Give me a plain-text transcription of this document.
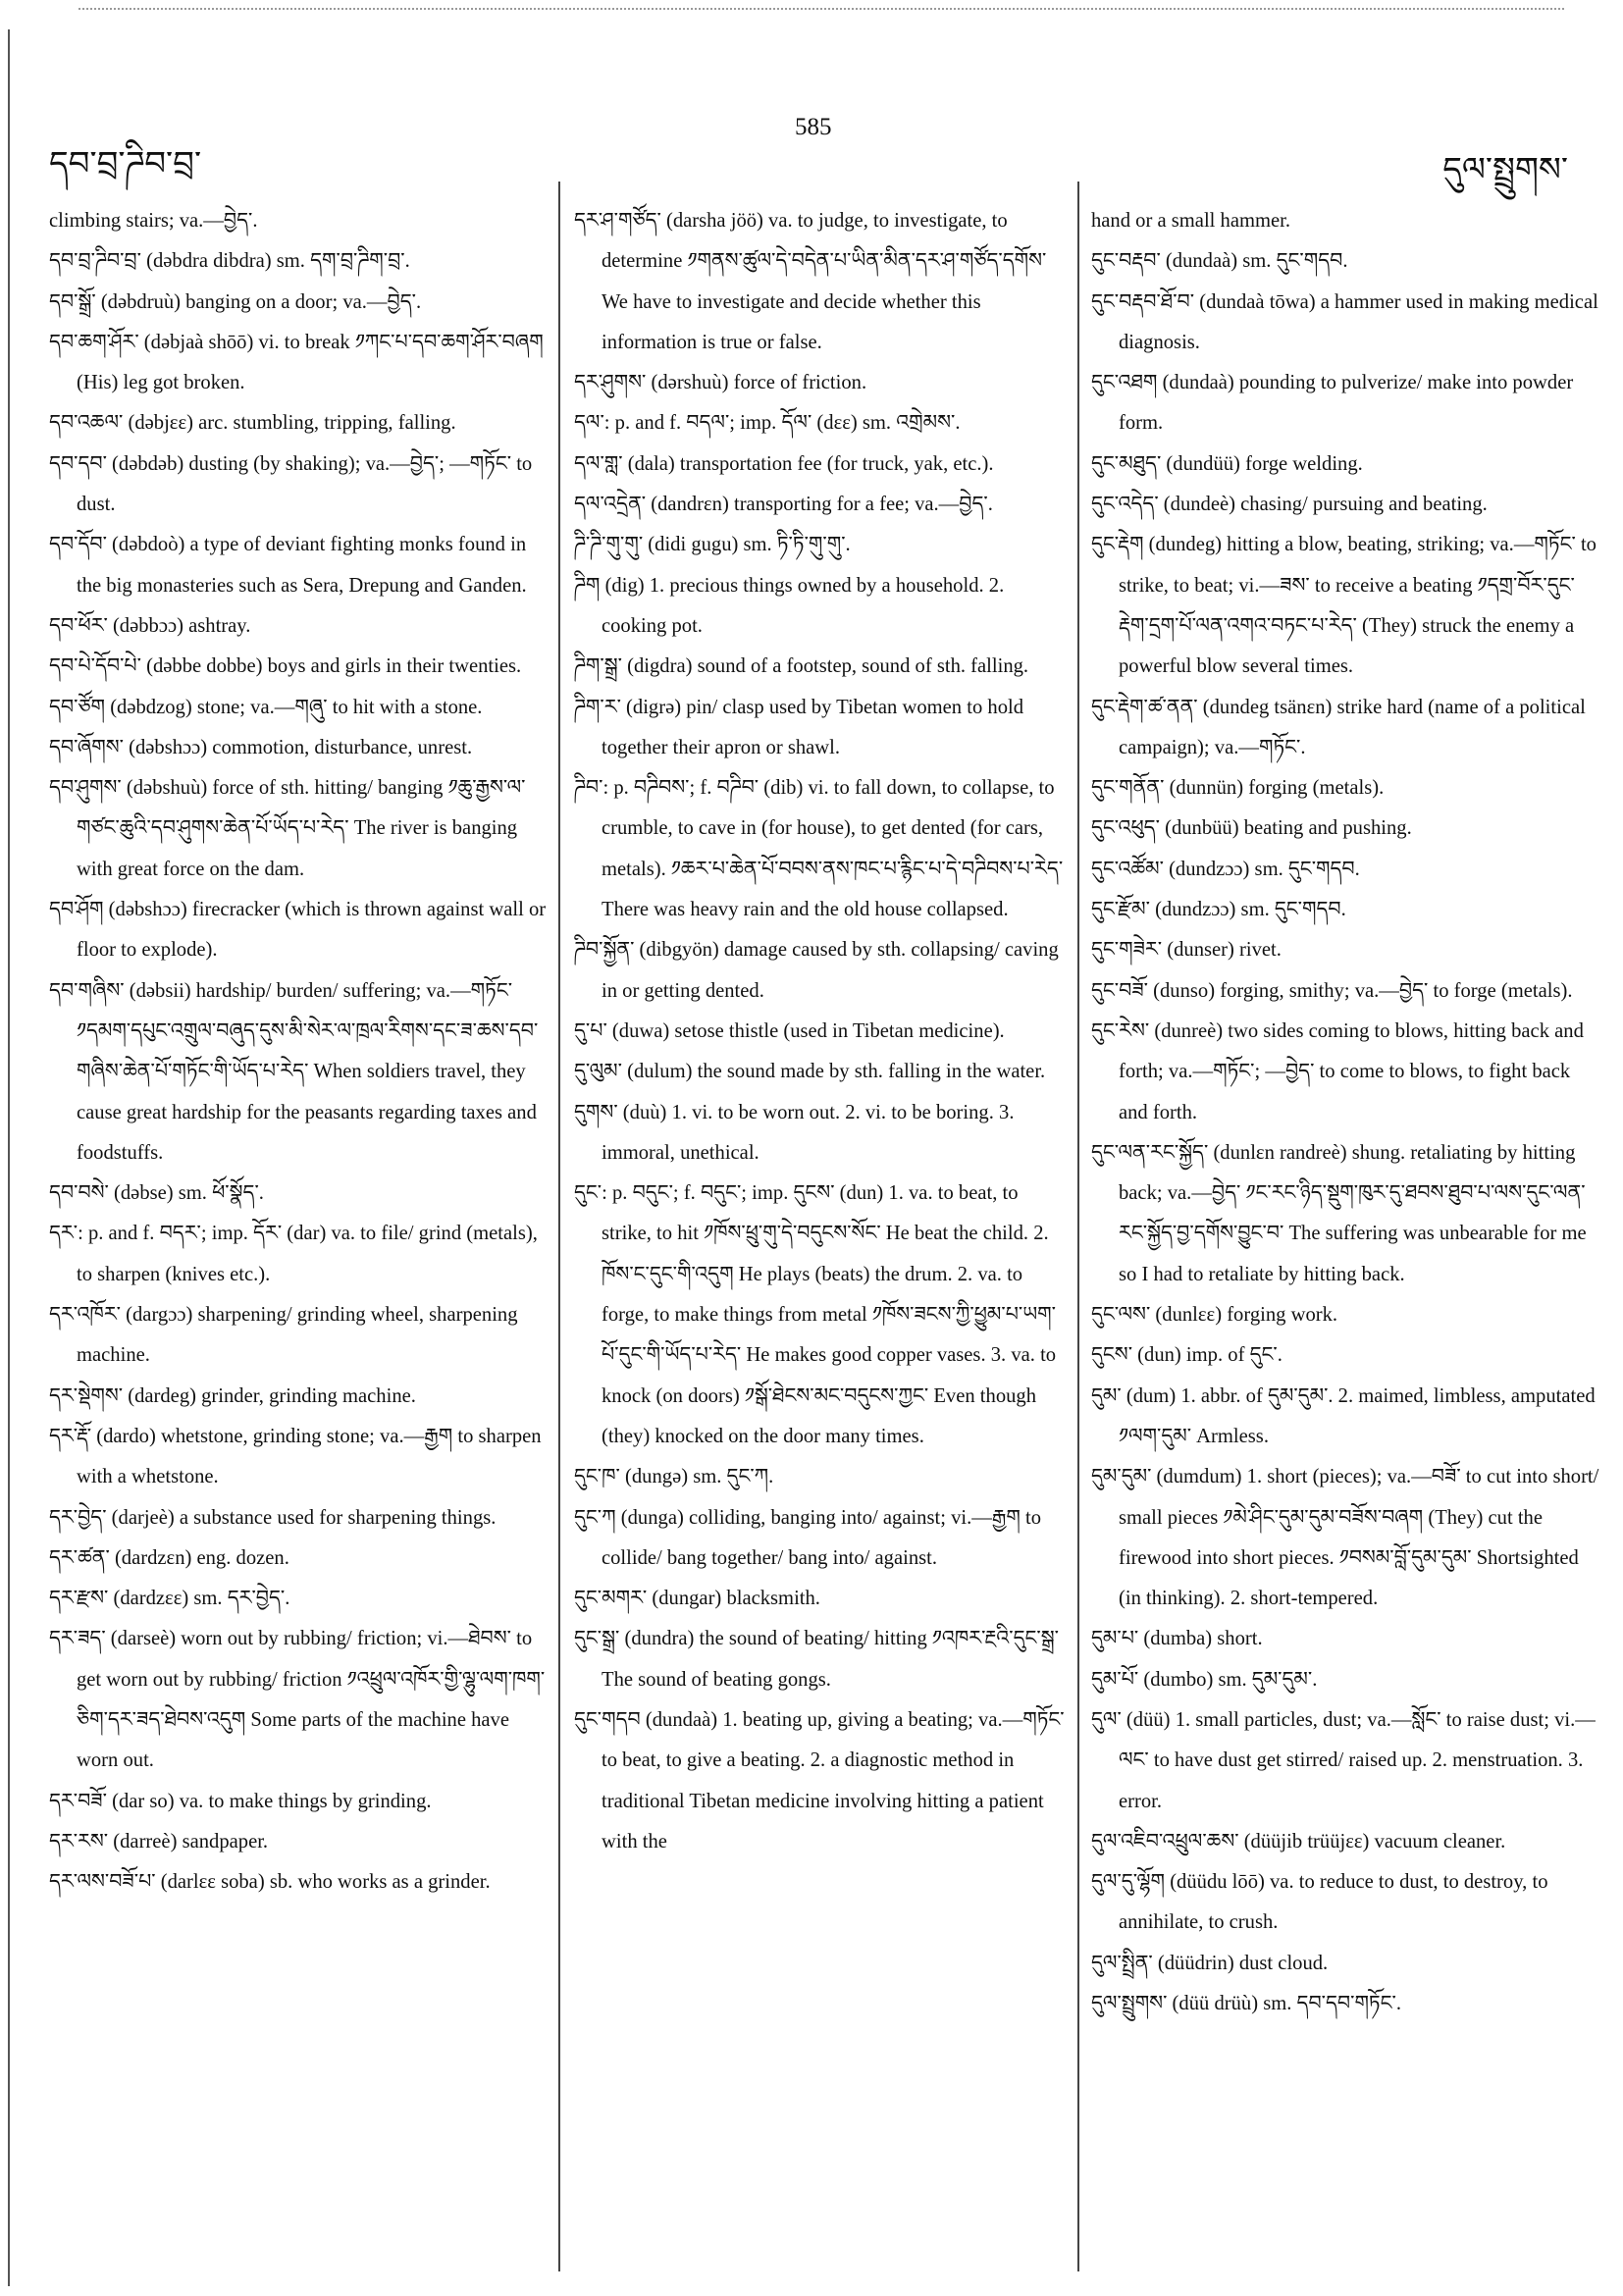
དབ་བྲ་ཌིབ་བྲ་
585
དུལ་སྤྲུགས་

climbing stairs; va.—བྱེད་.

དབ་བྲ་ཌིབ་བྲ་ (dəbdra dibdra) sm. དག་བྲ་ཌིག་བྲ་.

དབ་སྒྲོ་ (dəbdruù) banging on a door; va.—བྱེད་.

དབ་ཆག་ཤོར་ (dəbjaà shōō) vi. to break ༡ཀང་པ་དབ་ཆག་ཤོར་བཞག (His) leg got broken.

དབ་འཆལ་ (dəbjεε) arc. stumbling, tripping, falling.

དབ་དབ་ (dəbdəb) dusting (by shaking); va.—བྱེད་; —གཏོང་ to dust.

དབ་དོབ་ (dəbdoò) a type of deviant fighting monks found in the big monasteries such as Sera, Drepung and Ganden.

དབ་ཕོར་ (dəbbɔɔ) ashtray.

དབ་པེ་དོབ་པེ་ (dəbbe dobbe) boys and girls in their twenties.

དབ་ཙོག (dəbdzog) stone; va.—གཞུ་ to hit with a stone.

དབ་ཞོགས་ (dəbshɔɔ) commotion, disturbance, unrest.

དབ་ཤུགས་ (dəbshuù) force of sth. hitting/ banging ༡ཆུ་རྒྱས་ལ་གཙང་ཆུའི་དབ་ཤུགས་ཆེན་པོ་ཡོད་པ་རེད་ The river is banging with great force on the dam.

དབ་ཤོག (dəbshɔɔ) firecracker (which is thrown against wall or floor to explode).

དབ་གཞིས་ (dəbsii) hardship/ burden/ suffering; va.—གཏོང་ ༡དམག་དཔུང་འགྲུལ་བཞུད་དུས་མི་སེར་ལ་ཁྲལ་རིགས་དང་ཟ་ཆས་དབ་གཞིས་ཆེན་པོ་གཏོང་གི་ཡོད་པ་རེད་ When soldiers travel, they cause great hardship for the peasants regarding taxes and foodstuffs.

དབ་བསེ་ (dəbse) sm. ཕོ་སྣོད་.

དར་: p. and f. བདར་; imp. དོར་ (dar) va. to file/ grind (metals), to sharpen (knives etc.).

དར་འཁོར་ (dargɔɔ) sharpening/ grinding wheel, sharpening machine.

དར་སྡེགས་ (dardeg) grinder, grinding machine.

དར་རྡོ་ (dardo) whetstone, grinding stone; va.—རྒྱག to sharpen with a whetstone.

དར་བྱེད་ (darjeè) a substance used for sharpening things.

དར་ཚན་ (dardzεn) eng. dozen.

དར་རྫས་ (dardzεε) sm. དར་བྱེད་.

དར་ཟད་ (darseè) worn out by rubbing/ friction; vi.—ཐེབས་ to get worn out by rubbing/ friction ༡འཕྲུལ་འཁོར་གྱི་ལྷུ་ལག་ཁག་ཅིག་དར་ཟད་ཐེབས་འདུག Some parts of the machine have worn out.

དར་བཟོ་ (dar so) va. to make things by grinding.

དར་རས་ (darreè) sandpaper.

དར་ལས་བཟོ་པ་ (darlεε soba) sb. who works as a grinder.

དར་ཤ་གཙོད་ (darsha jöö) va. to judge, to investigate, to determine ༡གནས་ཚུལ་དེ་བདེན་པ་ཡིན་མིན་དར་ཤ་གཙོད་དགོས་ We have to investigate and decide whether this information is true or false.

དར་ཤུགས་ (dərshuù) force of friction.

དལ་: p. and f. བདལ་; imp. དོལ་ (dεε) sm. འགྲེམས་.

དལ་གླ་ (dala) transportation fee (for truck, yak, etc.).

དལ་འདྲེན་ (dandrεn) transporting for a fee; va.—བྱེད་.

ཌི་ཌི་གུ་གུ་ (didi gugu) sm. ཏི་ཏི་གུ་གུ་.

ཌིག (dig) 1. precious things owned by a household. 2. cooking pot.

ཌིག་སྒྲ་ (digdra) sound of a footstep, sound of sth. falling.

ཌིག་ར་ (digrə) pin/ clasp used by Tibetan women to hold together their apron or shawl.

ཌིབ་: p. བཌིབས་; f. བཌིབ་ (dib) vi. to fall down, to collapse, to crumble, to cave in (for house), to get dented (for cars, metals). ༡ཆར་པ་ཆེན་པོ་བབས་ནས་ཁང་པ་རྙིང་པ་དེ་བཌིབས་པ་རེད་ There was heavy rain and the old house collapsed.

ཌིབ་སྐྱོན་ (dibgyön) damage caused by sth. collapsing/ caving in or getting dented.

དུ་པ་ (duwa) setose thistle (used in Tibetan medicine).

དུ་ལུམ་ (dulum) the sound made by sth. falling in the water.

དུགས་ (duù) 1. vi. to be worn out. 2. vi. to be boring. 3. immoral, unethical.

དུང་: p. བདུང་; f. བདུང་; imp. དུངས་ (dun) 1. va. to beat, to strike, to hit ༡ཁོས་ཕྲུ་གུ་དེ་བདུངས་སོང་ He beat the child. 2. ཁོས་ང་དུང་གི་འདུག He plays (beats) the drum. 2. va. to forge, to make things from metal ༡ཁོས་ཟངས་ཀྱི་ཕྱུམ་པ་ཡག་པོ་དུང་གི་ཡོད་པ་རེད་ He makes good copper vases. 3. va. to knock (on doors) ༡སྒོ་ཐེངས་མང་བདུངས་ཀྱང་ Even though (they) knocked on the door many times.

དུང་ཁ་ (dungə) sm. དུང་ཀ.

དུང་ཀ (dunga) colliding, banging into/ against; vi.—རྒྱག to collide/ bang together/ bang into/ against.

དུང་མགར་ (dungar) blacksmith.

དུང་སྒྲ་ (dundra) the sound of beating/ hitting ༡འཁར་རྔའི་དུང་སྒྲ་ The sound of beating gongs.

དུང་གདབ (dundaà) 1. beating up, giving a beating; va.—གཏོང་ to beat, to give a beating. 2. a diagnostic method in traditional Tibetan medicine involving hitting a patient with the

hand or a small hammer.

དུང་བརྡབ་ (dundaà) sm. དུང་གདབ.

དུང་བརྡབ་ཐོ་བ་ (dundaà tōwa) a hammer used in making medical diagnosis.

དུང་འཐག (dundaà) pounding to pulverize/ make into powder form.

དུང་མཐུད་ (dundüü) forge welding.

དུང་འདེད་ (dundeè) chasing/ pursuing and beating.

དུང་རྡེག (dundeg) hitting a blow, beating, striking; va.—གཏོང་ to strike, to beat; vi.—ཟས་ to receive a beating ༡དགྲ་བོར་དུང་རྡེག་དྲག་པོ་ལན་འགའ་བཏང་པ་རེད་ (They) struck the enemy a powerful blow several times.

དུང་རྡེག་ཚ་ནན་ (dundeg tsänεn) strike hard (name of a political campaign); va.—གཏོང་.

དུང་གནོན་ (dunnün) forging (metals).

དུང་འཕུད་ (dunbüü) beating and pushing.

དུང་འཚོམ་ (dundzɔɔ) sm. དུང་གདབ.

དུང་རྫོམ་ (dundzɔɔ) sm. དུང་གདབ.

དུང་གཟེར་ (dunser) rivet.

དུང་བཟོ་ (dunso) forging, smithy; va.—བྱེད་ to forge (metals).

དུང་རེས་ (dunreè) two sides coming to blows, hitting back and forth; va.—གཏོང་; —བྱེད་ to come to blows, to fight back and forth.

དུང་ལན་རང་སྐྱོད་ (dunlεn randreè) shung. retaliating by hitting back; va.—བྱེད་ ༡ང་རང་ཉིད་སྡུག་ཁུར་དུ་ཐབས་ཐུབ་པ་ལས་དུང་ལན་རང་སྐྱོད་བྱ་དགོས་བྱུང་བ་ The suffering was unbearable for me so I had to retaliate by hitting back.

དུང་ལས་ (dunlεε) forging work.

དུངས་ (dun) imp. of དུང་.

དུམ་ (dum) 1. abbr. of དུམ་དུམ་. 2. maimed, limbless, amputated ༡ལག་དུམ་ Armless.

དུམ་དུམ་ (dumdum) 1. short (pieces); va.—བཟོ་ to cut into short/ small pieces ༡མེ་ཤིང་དུམ་དུམ་བཟོས་བཞག (They) cut the firewood into short pieces. ༡བསམ་བློ་དུམ་དུམ་ Shortsighted (in thinking). 2. short-tempered.

དུམ་པ་ (dumba) short.

དུམ་པོ་ (dumbo) sm. དུམ་དུམ་.

དུལ་ (düü) 1. small particles, dust; va.—སློང་ to raise dust; vi.—ལང་ to have dust get stirred/ raised up. 2. menstruation. 3. error.

དུལ་འཇིབ་འཕྲུལ་ཆས་ (düüjib trüüjεε) vacuum cleaner.

དུལ་དུ་ལྷོག (düüdu lōō) va. to reduce to dust, to destroy, to annihilate, to crush.

དུལ་སྤྲིན་ (düüdrin) dust cloud.

དུལ་སྤྲུགས་ (düü drüù) sm. དབ་དབ་གཏོང་.
